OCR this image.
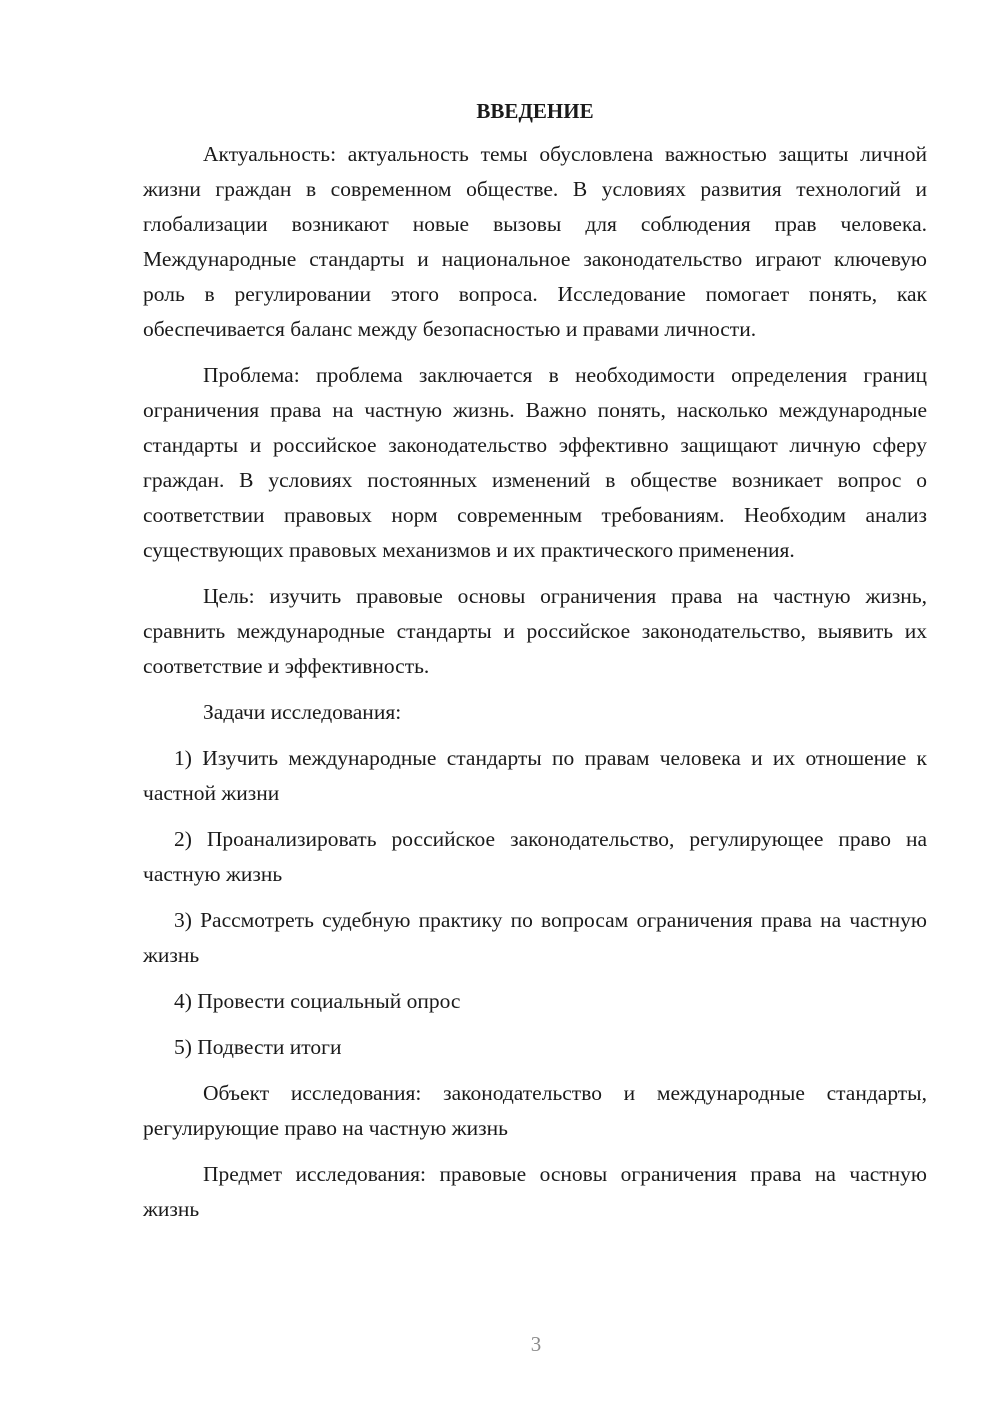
ВВЕДЕНИЕ

Актуальность: актуальность темы обусловлена важностью защиты личной жизни граждан в современном обществе. В условиях развития технологий и глобализации возникают новые вызовы для соблюдения прав человека. Международные стандарты и национальное законодательство играют ключевую роль в регулировании этого вопроса. Исследование помогает понять, как обеспечивается баланс между безопасностью и правами личности.

Проблема: проблема заключается в необходимости определения границ ограничения права на частную жизнь. Важно понять, насколько международные стандарты и российское законодательство эффективно защищают личную сферу граждан. В условиях постоянных изменений в обществе возникает вопрос о соответствии правовых норм современным требованиям. Необходим анализ существующих правовых механизмов и их практического применения.

Цель: изучить правовые основы ограничения права на частную жизнь, сравнить международные стандарты и российское законодательство, выявить их соответствие и эффективность.

Задачи исследования:

1) Изучить международные стандарты по правам человека и их отношение к частной жизни

2) Проанализировать российское законодательство, регулирующее право на частную жизнь

3) Рассмотреть судебную практику по вопросам ограничения права на частную жизнь

4) Провести социальный опрос

5) Подвести итоги

Объект исследования: законодательство и международные стандарты, регулирующие право на частную жизнь

Предмет исследования: правовые основы ограничения права на частную жизнь

3
